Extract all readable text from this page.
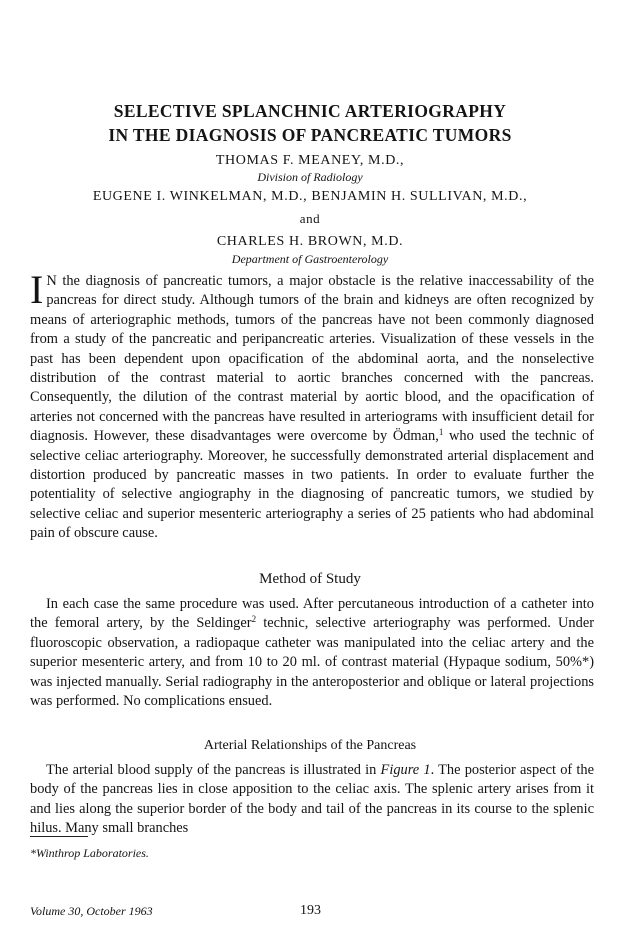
SELECTIVE SPLANCHNIC ARTERIOGRAPHY
IN THE DIAGNOSIS OF PANCREATIC TUMORS
THOMAS F. MEANEY, M.D.,
Division of Radiology
EUGENE I. WINKELMAN, M.D., BENJAMIN H. SULLIVAN, M.D.,
and
CHARLES H. BROWN, M.D.
Department of Gastroenterology

I N the diagnosis of pancreatic tumors, a major obstacle is the relative inaccessability of the pancreas for direct study. Although tumors of the brain and kidneys are often recognized by means of arteriographic methods, tumors of the pancreas have not been commonly diagnosed from a study of the pancreatic and peripancreatic arteries. Visualization of these vessels in the past has been dependent upon opacification of the abdominal aorta, and the nonselective distribution of the contrast material to aortic branches concerned with the pancreas. Consequently, the dilution of the contrast material by aortic blood, and the opacification of arteries not concerned with the pancreas have resulted in arteriograms with insufficient detail for diagnosis. However, these disadvantages were overcome by Ödman,$^1$ who used the technic of selective celiac arteriography. Moreover, he successfully demonstrated arterial displacement and distortion produced by pancreatic masses in two patients. In order to evaluate further the potentiality of selective angiography in the diagnosing of pancreatic tumors, we studied by selective celiac and superior mesenteric arteriography a series of 25 patients who had abdominal pain of obscure cause.

Method of Study

In each case the same procedure was used. After percutaneous introduction of a catheter into the femoral artery, by the Seldinger$^2$ technic, selective arteriography was performed. Under fluoroscopic observation, a radiopaque catheter was manipulated into the celiac artery and the superior mesenteric artery, and from 10 to 20 ml. of contrast material (Hypaque sodium, 50%*) was injected manually. Serial radiography in the anteroposterior and oblique or lateral projections was performed. No complications ensued.

Arterial Relationships of the Pancreas

The arterial blood supply of the pancreas is illustrated in Figure 1. The posterior aspect of the body of the pancreas lies in close apposition to the celiac axis. The splenic artery arises from it and lies along the superior border of the body and tail of the pancreas in its course to the splenic hilus. Many small branches

*Winthrop Laboratories.
Volume 30, October 1963	193
